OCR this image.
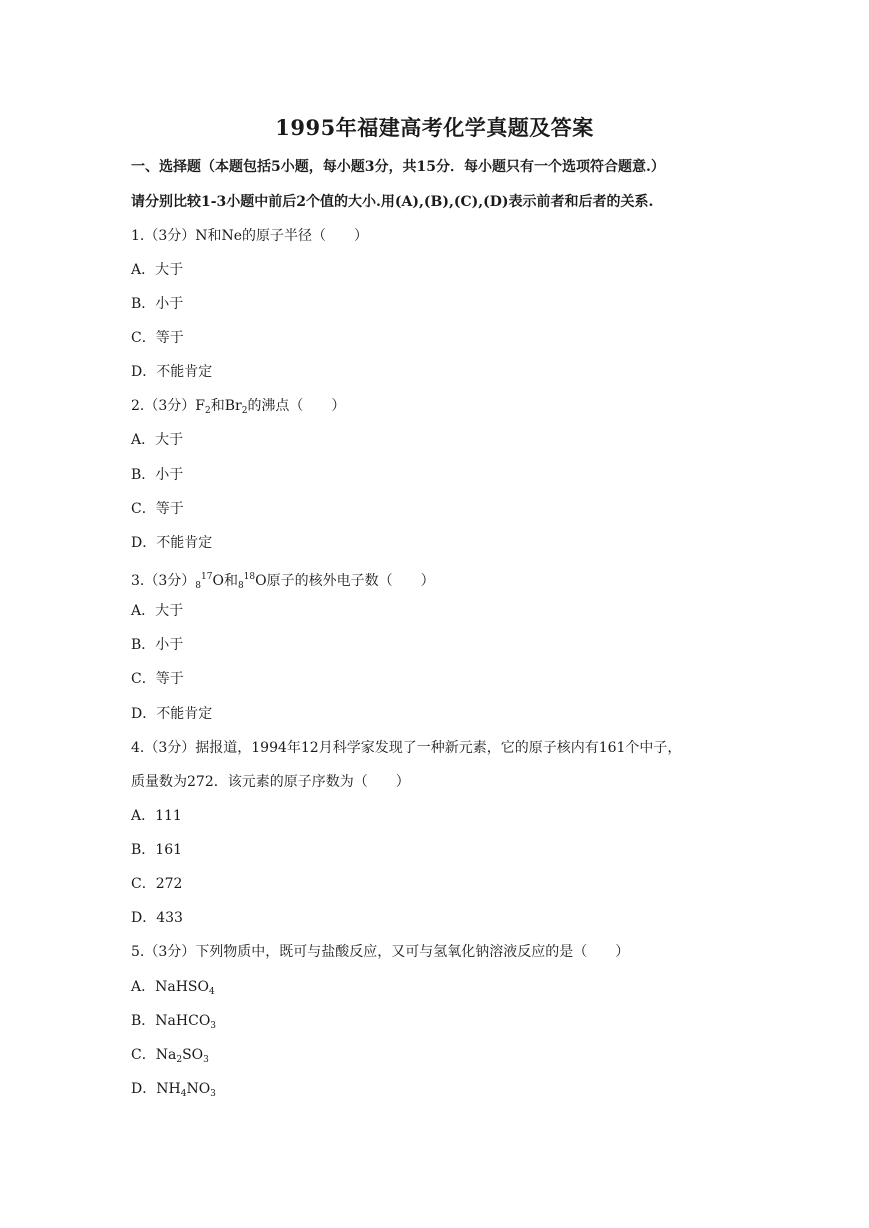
1995年福建高考化学真题及答案
一、选择题（本题包括5小题，每小题3分，共15分．每小题只有一个选项符合题意.）
请分别比较1-3小题中前后2个值的大小.用(A),(B),(C),(D)表示前者和后者的关系.
1.（3分）N和Ne的原子半径（　　）
A．大于
B．小于
C．等于
D．不能肯定
2.（3分）$F_2$和$Br_2$的沸点（　　）
A．大于
B．小于
C．等于
D．不能肯定
3.（3分）$_8^{17}O$和$_8^{18}$O原子的核外电子数（　　）
A．大于
B．小于
C．等于
D．不能肯定
4.（3分）据报道，1994年12月科学家发现了一种新元素，它的原子核内有161个中子，
质量数为272．该元素的原子序数为（　　）
A．111
B．161
C．272
D．433
5.（3分）下列物质中，既可与盐酸反应，又可与氢氧化钠溶液反应的是（　　）
A．NaHSO$_4$
B．NaHCO$_3$
C．$Na_2SO_3$
D．$NH_4NO_3$
